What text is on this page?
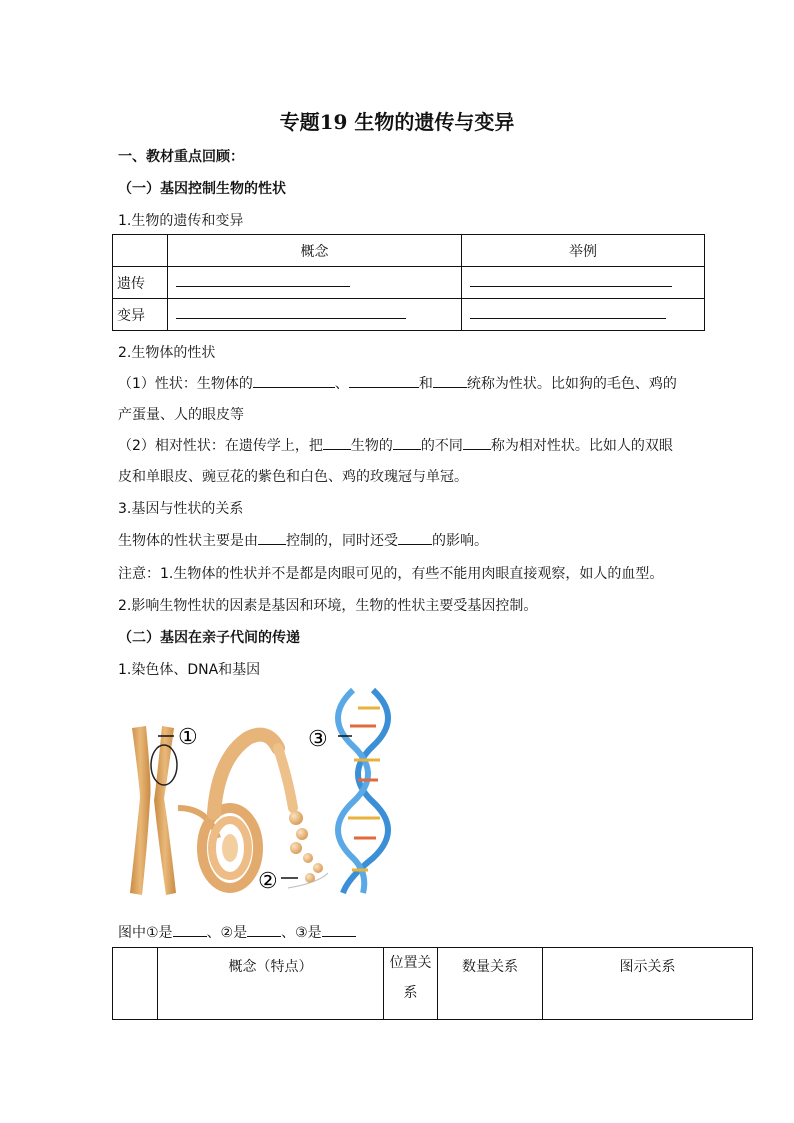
专题19 生物的遗传与变异
一、教材重点回顾：
（一）基因控制生物的性状
1.生物的遗传和变异
	概念	举例
遗传	

变异	

2.生物体的性状
（1）性状：生物体的	、	和 统称为性状。比如狗的毛色、鸡的
产蛋量、人的眼皮等
（2）相对性状：在遗传学上，把 生物的 的不同 称为相对性状。比如人的双眼
皮和单眼皮、豌豆花的紫色和白色、鸡的玫瑰冠与单冠。
3.基因与性状的关系
生物体的性状主要是由 控制的，同时还受 的影响。
注意：1.生物体的性状并不是都是肉眼可见的，有些不能用肉眼直接观察，如人的血型。
2.影响生物性状的因素是基因和环境，生物的性状主要受基因控制。
（二）基因在亲子代间的传递
1.染色体、DNA和基因
①
②
③
图中①是 、②是 、③是
	概念（特点）	位置关
系	数量关系	图示关系
